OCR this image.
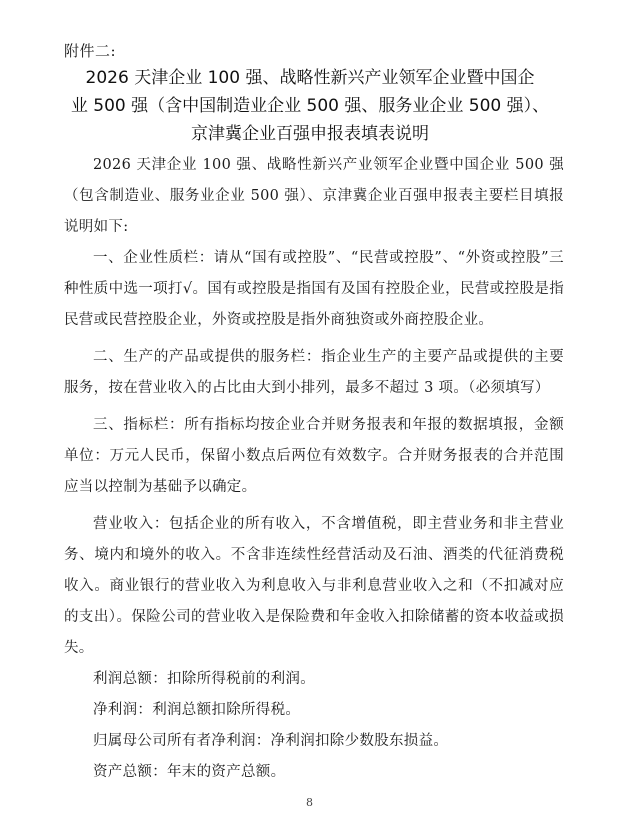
附件二:
2026 天津企业 100 强、战略性新兴产业领军企业暨中国企
业 500 强（含中国制造业企业 500 强、服务业企业 500 强）、
京津冀企业百强申报表填表说明

2026 天津企业 100 强、战略性新兴产业领军企业暨中国企业 500 强（包含制造业、服务业企业 500 强）、京津冀企业百强申报表主要栏目填报说明如下:

一、企业性质栏：请从“国有或控股”、“民营或控股”、“外资或控股”三种性质中选一项打√。国有或控股是指国有及国有控股企业，民营或控股是指民营或民营控股企业，外资或控股是指外商独资或外商控股企业。

二、生产的产品或提供的服务栏：指企业生产的主要产品或提供的主要服务，按在营业收入的占比由大到小排列，最多不超过 3 项。（必须填写）

三、指标栏：所有指标均按企业合并财务报表和年报的数据填报，金额单位：万元人民币，保留小数点后两位有效数字。合并财务报表的合并范围应当以控制为基础予以确定。

营业收入：包括企业的所有收入，不含增值税，即主营业务和非主营业务、境内和境外的收入。不含非连续性经营活动及石油、酒类的代征消费税收入。商业银行的营业收入为利息收入与非利息营业收入之和（不扣减对应的支出）。保险公司的营业收入是保险费和年金收入扣除储蓄的资本收益或损失。

利润总额：扣除所得税前的利润。

净利润：利润总额扣除所得税。

归属母公司所有者净利润：净利润扣除少数股东损益。

资产总额：年末的资产总额。

8
